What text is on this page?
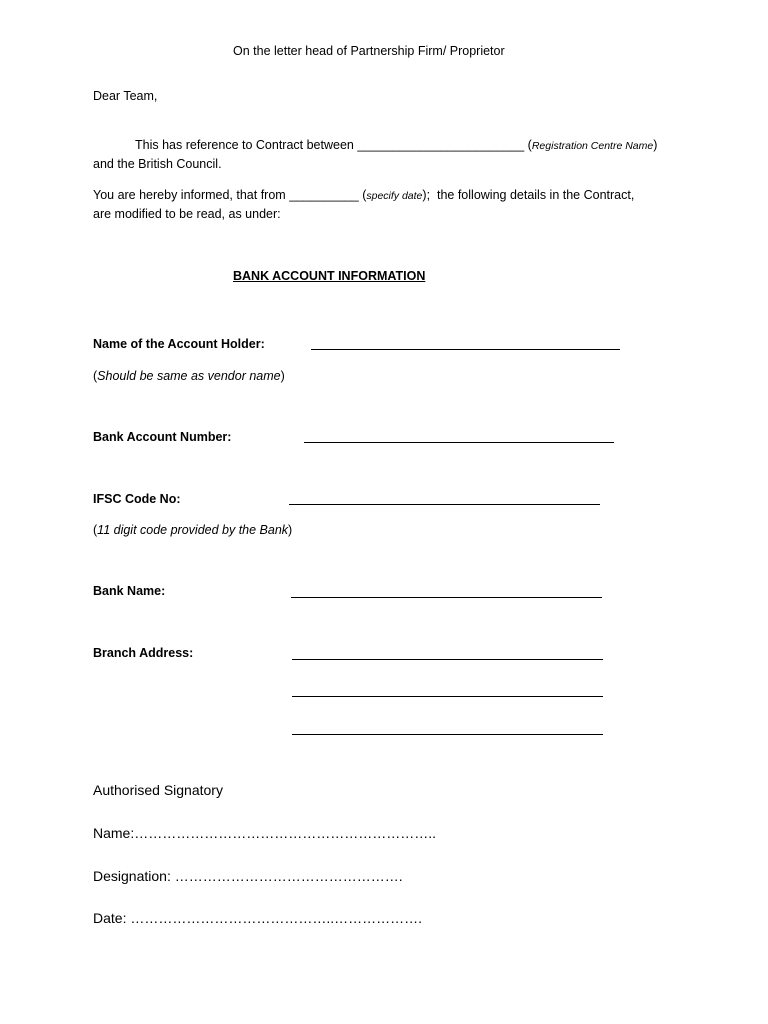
On the letter head of Partnership Firm/ Proprietor
Dear Team,
This has reference to Contract between ________________________ (Registration Centre Name)
and the British Council.
You are hereby informed, that from __________ (specify date);  the following details in the Contract,
are modified to be read, as under:
BANK ACCOUNT INFORMATION
Name of the Account Holder:
(Should be same as vendor name)
Bank Account Number:
IFSC Code No:
(11 digit code provided by the Bank)
Bank Name:
Branch Address:
Authorised Signatory
Name:………………………………………………………..
Designation: ………………………………………….
Date: ……………………………………..……………….
